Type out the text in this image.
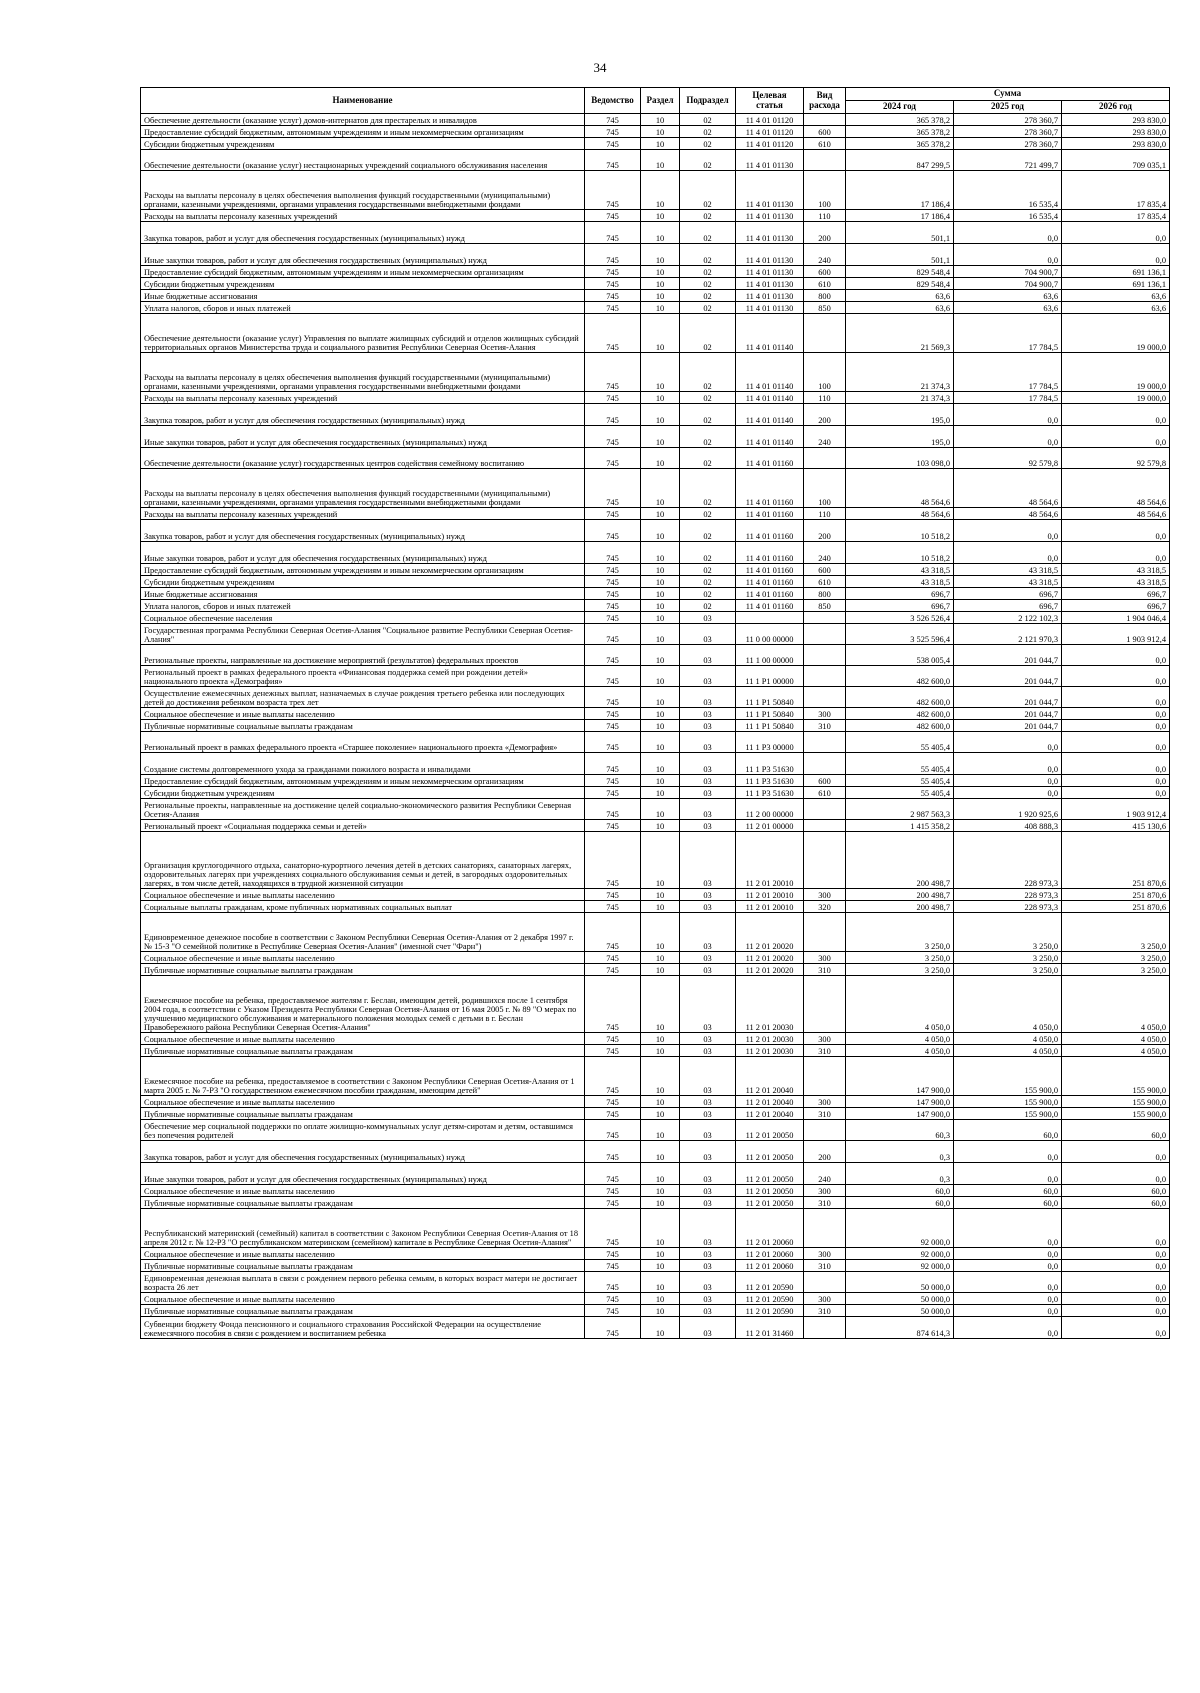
34
Наименование	Ведомство	Раздел	Подраздел	Целевая статья	Вид расхода	Сумма		
						2024 год	2025 год	2026 год
Обеспечение деятельности (оказание услуг) домов-интернатов для престарелых и инвалидов	745	10	02	11 4 01 01120		365 378,2	278 360,7	293 830,0
Предоставление субсидий бюджетным, автономным учреждениям и иным некоммерческим организациям	745	10	02	11 4 01 01120	600	365 378,2	278 360,7	293 830,0
Субсидии бюджетным учреждениям	745	10	02	11 4 01 01120	610	365 378,2	278 360,7	293 830,0
Обеспечение деятельности (оказание услуг) нестационарных учреждений социального обслуживания населения	745	10	02	11 4 01 01130		847 299,5	721 499,7	709 035,1
Расходы на выплаты персоналу в целях обеспечения выполнения функций государственными (муниципальными) органами, казенными учреждениями, органами управления государственными внебюджетными фондами	745	10	02	11 4 01 01130	100	17 186,4	16 535,4	17 835,4
Расходы на выплаты персоналу казенных учреждений	745	10	02	11 4 01 01130	110	17 186,4	16 535,4	17 835,4
Закупка товаров, работ и услуг для обеспечения государственных (муниципальных) нужд	745	10	02	11 4 01 01130	200	501,1	0,0	0,0
Иные закупки товаров, работ и услуг для обеспечения государственных (муниципальных) нужд	745	10	02	11 4 01 01130	240	501,1	0,0	0,0
Предоставление субсидий бюджетным, автономным учреждениям и иным некоммерческим организациям	745	10	02	11 4 01 01130	600	829 548,4	704 900,7	691 136,1
Субсидии бюджетным учреждениям	745	10	02	11 4 01 01130	610	829 548,4	704 900,7	691 136,1
Иные бюджетные ассигнования	745	10	02	11 4 01 01130	800	63,6	63,6	63,6
Уплата налогов, сборов и иных платежей	745	10	02	11 4 01 01130	850	63,6	63,6	63,6
Обеспечение деятельности (оказание услуг) Управления по выплате жилищных субсидий и отделов жилищных субсидий территориальных органов Министерства труда и социального развития Республики Северная Осетия-Алания	745	10	02	11 4 01 01140		21 569,3	17 784,5	19 000,0
Расходы на выплаты персоналу в целях обеспечения выполнения функций государственными (муниципальными) органами, казенными учреждениями, органами управления государственными внебюджетными фондами	745	10	02	11 4 01 01140	100	21 374,3	17 784,5	19 000,0
Расходы на выплаты персоналу казенных учреждений	745	10	02	11 4 01 01140	110	21 374,3	17 784,5	19 000,0
Закупка товаров, работ и услуг для обеспечения государственных (муниципальных) нужд	745	10	02	11 4 01 01140	200	195,0	0,0	0,0
Иные закупки товаров, работ и услуг для обеспечения государственных (муниципальных) нужд	745	10	02	11 4 01 01140	240	195,0	0,0	0,0
Обеспечение деятельности (оказание услуг) государственных центров содействия семейному воспитанию	745	10	02	11 4 01 01160		103 098,0	92 579,8	92 579,8
Расходы на выплаты персоналу в целях обеспечения выполнения функций государственными (муниципальными) органами, казенными учреждениями, органами управления государственными внебюджетными фондами	745	10	02	11 4 01 01160	100	48 564,6	48 564,6	48 564,6
Расходы на выплаты персоналу казенных учреждений	745	10	02	11 4 01 01160	110	48 564,6	48 564,6	48 564,6
Закупка товаров, работ и услуг для обеспечения государственных (муниципальных) нужд	745	10	02	11 4 01 01160	200	10 518,2	0,0	0,0
Иные закупки товаров, работ и услуг для обеспечения государственных (муниципальных) нужд	745	10	02	11 4 01 01160	240	10 518,2	0,0	0,0
Предоставление субсидий бюджетным, автономным учреждениям и иным некоммерческим организациям	745	10	02	11 4 01 01160	600	43 318,5	43 318,5	43 318,5
Субсидии бюджетным учреждениям	745	10	02	11 4 01 01160	610	43 318,5	43 318,5	43 318,5
Иные бюджетные ассигнования	745	10	02	11 4 01 01160	800	696,7	696,7	696,7
Уплата налогов, сборов и иных платежей	745	10	02	11 4 01 01160	850	696,7	696,7	696,7
Социальное обеспечение населения	745	10	03			3 526 526,4	2 122 102,3	1 904 046,4
Государственная программа Республики Северная Осетия-Алания "Социальное развитие Республики Северная Осетия-Алания"	745	10	03	11 0 00 00000		3 525 596,4	2 121 970,3	1 903 912,4
Региональные проекты, направленные на достижение мероприятий (результатов) федеральных проектов	745	10	03	11 1 00 00000		538 005,4	201 044,7	0,0
Региональный проект в рамках федерального проекта «Финансовая поддержка семей при рождении детей» национального проекта «Демография»	745	10	03	11 1 Р1 00000		482 600,0	201 044,7	0,0
Осуществление ежемесячных денежных выплат, назначаемых в случае рождения третьего ребенка или последующих детей до достижения ребенком возраста трех лет	745	10	03	11 1 Р1 50840		482 600,0	201 044,7	0,0
Социальное обеспечение и иные выплаты населению	745	10	03	11 1 Р1 50840	300	482 600,0	201 044,7	0,0
Публичные нормативные социальные выплаты гражданам	745	10	03	11 1 Р1 50840	310	482 600,0	201 044,7	0,0
Региональный проект в рамках федерального проекта «Старшее поколение» национального проекта «Демография»	745	10	03	11 1 Р3 00000		55 405,4	0,0	0,0
Создание системы долговременного ухода за гражданами пожилого возраста и инвалидами	745	10	03	11 1 Р3 51630		55 405,4	0,0	0,0
Предоставление субсидий бюджетным, автономным учреждениям и иным некоммерческим организациям	745	10	03	11 1 Р3 51630	600	55 405,4	0,0	0,0
Субсидии бюджетным учреждениям	745	10	03	11 1 Р3 51630	610	55 405,4	0,0	0,0
Региональные проекты, направленные на достижение целей социально-экономического развития Республики Северная Осетия-Алания	745	10	03	11 2 00 00000		2 987 563,3	1 920 925,6	1 903 912,4
Региональный проект «Социальная поддержка семьи и детей»	745	10	03	11 2 01 00000		1 415 358,2	408 888,3	415 130,6
Организация круглогодичного отдыха, санаторно-курортного лечения детей в детских санаториях, санаторных лагерях, оздоровительных лагерях при учреждениях социального обслуживания семьи и детей, в загородных оздоровительных лагерях, в том числе детей, находящихся в трудной жизненной ситуации	745	10	03	11 2 01 20010		200 498,7	228 973,3	251 870,6
Социальное обеспечение и иные выплаты населению	745	10	03	11 2 01 20010	300	200 498,7	228 973,3	251 870,6
Социальные выплаты гражданам, кроме публичных нормативных социальных выплат	745	10	03	11 2 01 20010	320	200 498,7	228 973,3	251 870,6
Единовременное денежное пособие в соответствии с Законом Республики Северная Осетия-Алания от 2 декабря 1997 г. № 15-З "О семейной политике в Республике Северная Осетия-Алания" (именной счет "Фарн")	745	10	03	11 2 01 20020		3 250,0	3 250,0	3 250,0
Социальное обеспечение и иные выплаты населению	745	10	03	11 2 01 20020	300	3 250,0	3 250,0	3 250,0
Публичные нормативные социальные выплаты гражданам	745	10	03	11 2 01 20020	310	3 250,0	3 250,0	3 250,0
Ежемесячное пособие на ребенка, предоставляемое жителям г. Беслан, имеющим детей, родившихся после 1 сентября 2004 года, в соответствии с Указом Президента Республики Северная Осетия-Алания от 16 мая 2005 г. № 89 "О мерах по улучшению медицинского обслуживания и материального положения молодых семей с детьми в г. Беслан Правобережного района Республики Северная Осетия-Алания"	745	10	03	11 2 01 20030		4 050,0	4 050,0	4 050,0
Социальное обеспечение и иные выплаты населению	745	10	03	11 2 01 20030	300	4 050,0	4 050,0	4 050,0
Публичные нормативные социальные выплаты гражданам	745	10	03	11 2 01 20030	310	4 050,0	4 050,0	4 050,0
Ежемесячное пособие на ребенка, предоставляемое в соответствии с Законом Республики Северная Осетия-Алания от 1 марта 2005 г. № 7-РЗ "О государственном ежемесячном пособии гражданам, имеющим детей"	745	10	03	11 2 01 20040		147 900,0	155 900,0	155 900,0
Социальное обеспечение и иные выплаты населению	745	10	03	11 2 01 20040	300	147 900,0	155 900,0	155 900,0
Публичные нормативные социальные выплаты гражданам	745	10	03	11 2 01 20040	310	147 900,0	155 900,0	155 900,0
Обеспечение мер социальной поддержки по оплате жилищно-коммунальных услуг детям-сиротам и детям, оставшимся без попечения родителей	745	10	03	11 2 01 20050		60,3	60,0	60,0
Закупка товаров, работ и услуг для обеспечения государственных (муниципальных) нужд	745	10	03	11 2 01 20050	200	0,3	0,0	0,0
Иные закупки товаров, работ и услуг для обеспечения государственных (муниципальных) нужд	745	10	03	11 2 01 20050	240	0,3	0,0	0,0
Социальное обеспечение и иные выплаты населению	745	10	03	11 2 01 20050	300	60,0	60,0	60,0
Публичные нормативные социальные выплаты гражданам	745	10	03	11 2 01 20050	310	60,0	60,0	60,0
Республиканский материнский (семейный) капитал в соответствии с Законом Республики Северная Осетия-Алания от 18 апреля 2012 г. № 12-РЗ "О республиканском материнском (семейном) капитале в Республике Северная Осетия-Алания"	745	10	03	11 2 01 20060		92 000,0	0,0	0,0
Социальное обеспечение и иные выплаты населению	745	10	03	11 2 01 20060	300	92 000,0	0,0	0,0
Публичные нормативные социальные выплаты гражданам	745	10	03	11 2 01 20060	310	92 000,0	0,0	0,0
Единовременная денежная выплата в связи с рождением первого ребенка семьям, в которых возраст матери не достигает возраста 26 лет	745	10	03	11 2 01 20590		50 000,0	0,0	0,0
Социальное обеспечение и иные выплаты населению	745	10	03	11 2 01 20590	300	50 000,0	0,0	0,0
Публичные нормативные социальные выплаты гражданам	745	10	03	11 2 01 20590	310	50 000,0	0,0	0,0
Субвенции бюджету Фонда пенсионного и социального страхования Российской Федерации на осуществление ежемесячного пособия в связи с рождением и воспитанием ребенка	745	10	03	11 2 01 31460		874 614,3	0,0	0,0
